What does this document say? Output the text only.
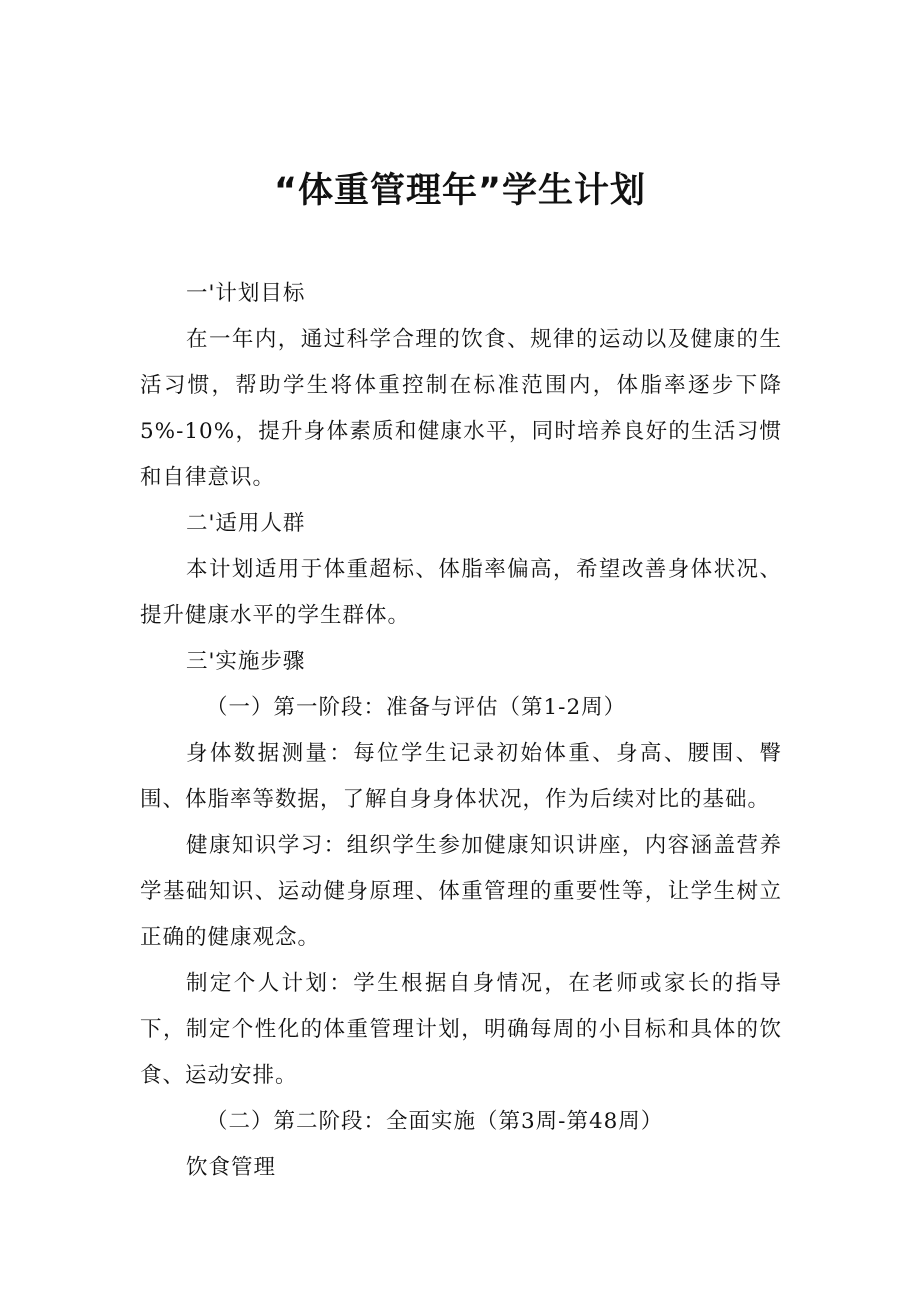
“体重管理年”学生计划

一'计划目标

在一年内，通过科学合理的饮食、规律的运动以及健康的生活习惯，帮助学生将体重控制在标准范围内，体脂率逐步下降5%-10%，提升身体素质和健康水平，同时培养良好的生活习惯和自律意识。

二'适用人群

本计划适用于体重超标、体脂率偏高，希望改善身体状况、提升健康水平的学生群体。

三'实施步骤

（一）第一阶段：准备与评估（第1-2周）

身体数据测量：每位学生记录初始体重、身高、腰围、臀围、体脂率等数据，了解自身身体状况，作为后续对比的基础。

健康知识学习：组织学生参加健康知识讲座，内容涵盖营养学基础知识、运动健身原理、体重管理的重要性等，让学生树立正确的健康观念。

制定个人计划：学生根据自身情况，在老师或家长的指导下，制定个性化的体重管理计划，明确每周的小目标和具体的饮食、运动安排。

（二）第二阶段：全面实施（第3周-第48周）

饮食管理
